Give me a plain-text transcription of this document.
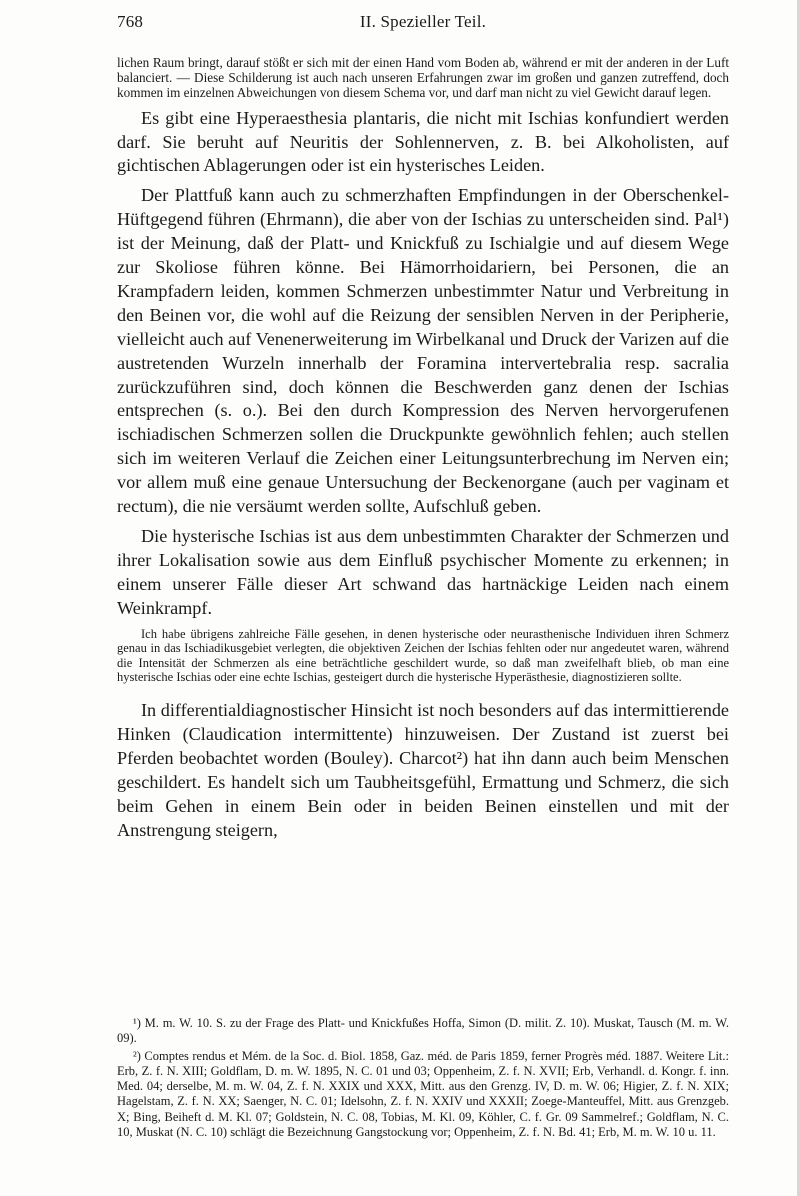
768	II. Spezieller Teil.

lichen Raum bringt, darauf stößt er sich mit der einen Hand vom Boden ab, während er mit der anderen in der Luft balanciert. — Diese Schilderung ist auch nach unseren Erfahrungen zwar im großen und ganzen zutreffend, doch kommen im einzelnen Abweichungen von diesem Schema vor, und darf man nicht zu viel Gewicht darauf legen.

Es gibt eine Hyperaesthesia plantaris, die nicht mit Ischias konfundiert werden darf. Sie beruht auf Neuritis der Sohlennerven, z. B. bei Alkoholisten, auf gichtischen Ablagerungen oder ist ein hysterisches Leiden.

Der Plattfuß kann auch zu schmerzhaften Empfindungen in der Oberschenkel-Hüftgegend führen (Ehrmann), die aber von der Ischias zu unterscheiden sind. Pal¹) ist der Meinung, daß der Platt- und Knickfuß zu Ischialgie und auf diesem Wege zur Skoliose führen könne. Bei Hämorrhoidariern, bei Personen, die an Krampfadern leiden, kommen Schmerzen unbestimmter Natur und Verbreitung in den Beinen vor, die wohl auf die Reizung der sensiblen Nerven in der Peripherie, vielleicht auch auf Venenerweiterung im Wirbelkanal und Druck der Varizen auf die austretenden Wurzeln innerhalb der Foramina intervertebralia resp. sacralia zurückzuführen sind, doch können die Beschwerden ganz denen der Ischias entsprechen (s. o.). Bei den durch Kompression des Nerven hervorgerufenen ischiadischen Schmerzen sollen die Druckpunkte gewöhnlich fehlen; auch stellen sich im weiteren Verlauf die Zeichen einer Leitungsunterbrechung im Nerven ein; vor allem muß eine genaue Untersuchung der Beckenorgane (auch per vaginam et rectum), die nie versäumt werden sollte, Aufschluß geben.

Die hysterische Ischias ist aus dem unbestimmten Charakter der Schmerzen und ihrer Lokalisation sowie aus dem Einfluß psychischer Momente zu erkennen; in einem unserer Fälle dieser Art schwand das hartnäckige Leiden nach einem Weinkrampf.

Ich habe übrigens zahlreiche Fälle gesehen, in denen hysterische oder neurasthenische Individuen ihren Schmerz genau in das Ischiadikusgebiet verlegten, die objektiven Zeichen der Ischias fehlten oder nur angedeutet waren, während die Intensität der Schmerzen als eine beträchtliche geschildert wurde, so daß man zweifelhaft blieb, ob man eine hysterische Ischias oder eine echte Ischias, gesteigert durch die hysterische Hyperästhesie, diagnostizieren sollte.

In differentialdiagnostischer Hinsicht ist noch besonders auf das intermittierende Hinken (Claudication intermittente) hinzuweisen. Der Zustand ist zuerst bei Pferden beobachtet worden (Bouley). Charcot²) hat ihn dann auch beim Menschen geschildert. Es handelt sich um Taubheitsgefühl, Ermattung und Schmerz, die sich beim Gehen in einem Bein oder in beiden Beinen einstellen und mit der Anstrengung steigern,

¹) M. m. W. 10. S. zu der Frage des Platt- und Knickfußes Hoffa, Simon (D. milit. Z. 10). Muskat, Tausch (M. m. W. 09).

²) Comptes rendus et Mém. de la Soc. d. Biol. 1858, Gaz. méd. de Paris 1859, ferner Progrès méd. 1887. Weitere Lit.: Erb, Z. f. N. XIII; Goldflam, D. m. W. 1895, N. C. 01 und 03; Oppenheim, Z. f. N. XVII; Erb, Verhandl. d. Kongr. f. inn. Med. 04; derselbe, M. m. W. 04, Z. f. N. XXIX und XXX, Mitt. aus den Grenzg. IV, D. m. W. 06; Higier, Z. f. N. XIX; Hagelstam, Z. f. N. XX; Saenger, N. C. 01; Idelsohn, Z. f. N. XXIV und XXXII; Zoege-Manteuffel, Mitt. aus Grenzgeb. X; Bing, Beiheft d. M. Kl. 07; Goldstein, N. C. 08, Tobias, M. Kl. 09, Köhler, C. f. Gr. 09 Sammelref.; Goldflam, N. C. 10, Muskat (N. C. 10) schlägt die Bezeichnung Gangstockung vor; Oppenheim, Z. f. N. Bd. 41; Erb, M. m. W. 10 u. 11.
